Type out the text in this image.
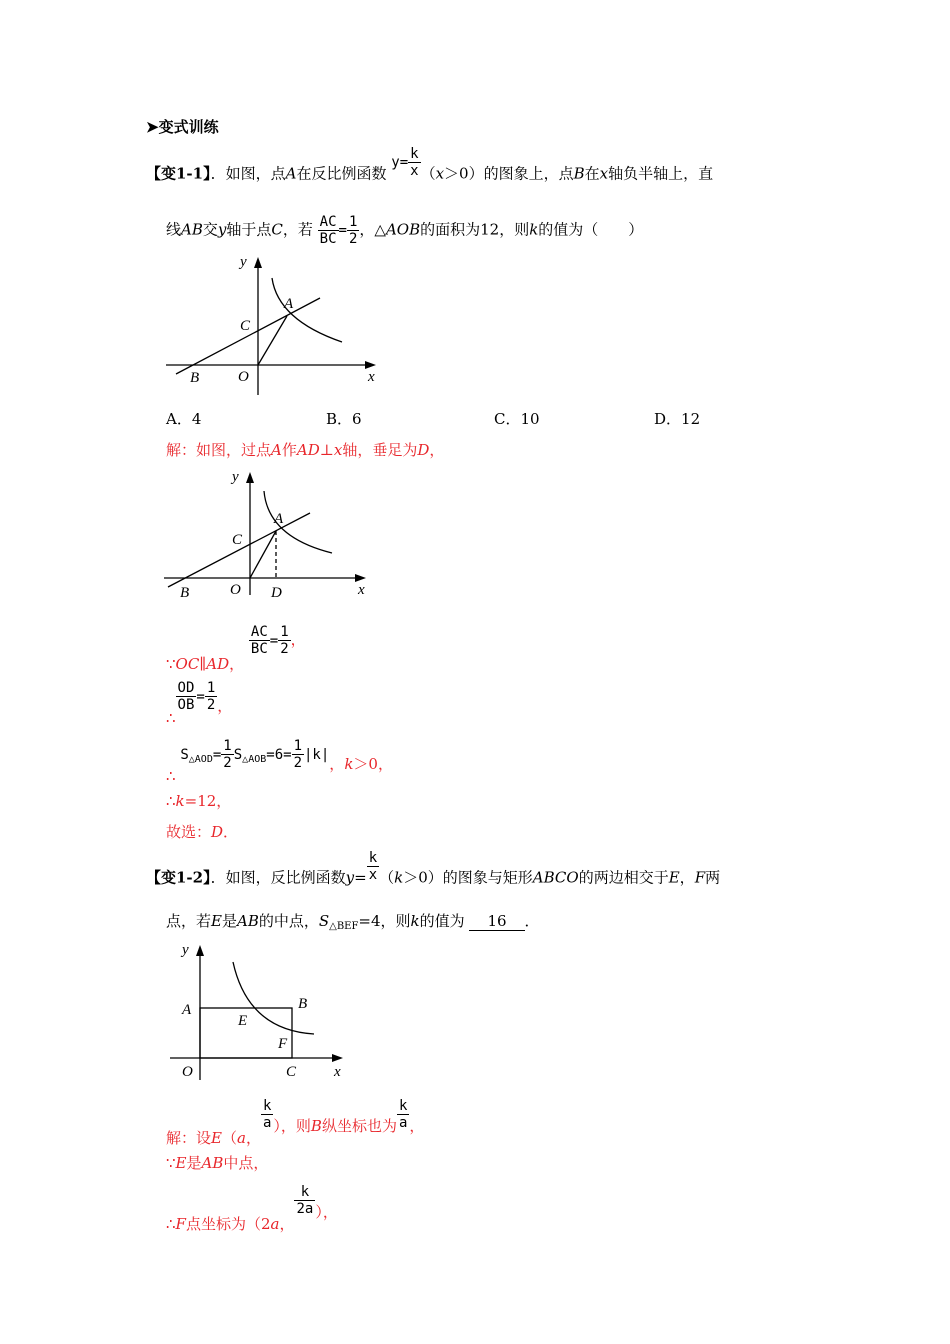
➤变式训练
【变1-1】．如图，点A在反比例函数 $y= \frac{k}{x} (x>0)$的图象上，点B在x轴负半轴上，直
线AB交y轴于点C，若 $\frac{AC}{BC} = \frac{1}{2}$ ，△AOB的面积为12，则k的值为（　　）
y
A
C
B	O	x
A．4	B．6	C．10	D．12
解：如图，过点A作AD⊥x轴，垂足为D，
y
A
C
B	O D	x
∵OC∥AD，
$\frac{AC}{BC} = \frac{1}{2}$ ，
∴
$\frac{OD}{OB} = \frac{1}{2}$ ，
∴ $S_{\triangle AOD}= \frac{1}{2} S_{\triangle AOB}=6= \frac{1}{2} |k|$，k＞0，
∴k=12，
故选：D．
【变1-2】．如图，反比例函数$y= \frac{k}{x} (k>0)$的图象与矩形ABCO的两边相交于E，F两
点，若E是AB的中点，$S_{\triangle BEF}=4$，则k的值为 16 ．
y
A	B
E
F
O	C	x
解：设E（a，
$\frac{k}{a}$ ），则B纵坐标也为 $\frac{k}{a}$ ，
∵E是AB中点，
∴F点坐标为（2a，
$\frac{k}{2a}$ ），
